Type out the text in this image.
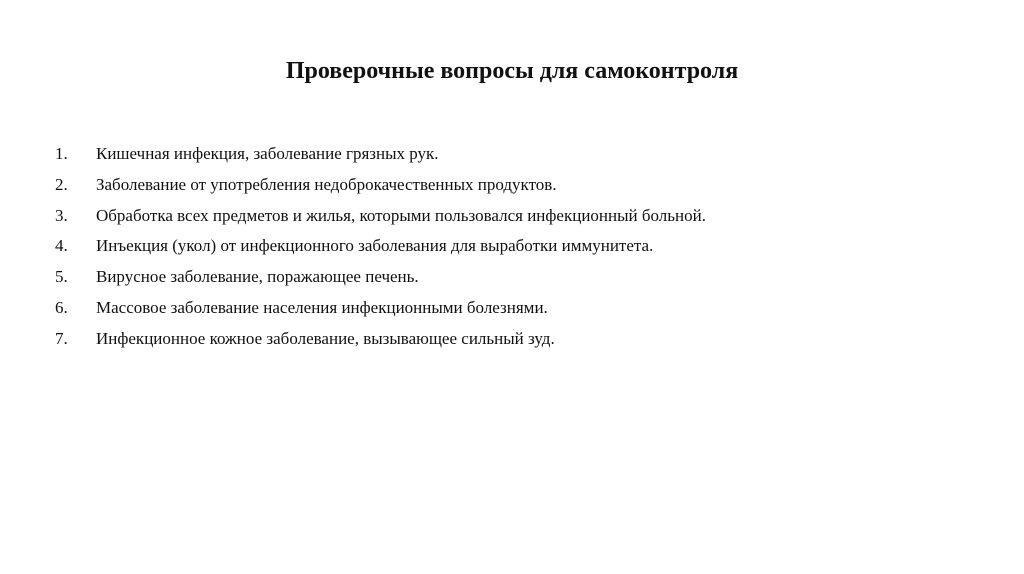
Проверочные вопросы для самоконтроля
1.	Кишечная инфекция, заболевание грязных рук.
2.	Заболевание от употребления недоброкачественных продуктов.
3.	Обработка всех предметов и жилья, которыми пользовался инфекционный больной.
4.	Инъекция (укол) от инфекционного заболевания для выработки иммунитета.
5.	Вирусное заболевание, поражающее печень.
6.	Массовое заболевание населения инфекционными болезнями.
7.	Инфекционное кожное заболевание, вызывающее сильный зуд.
